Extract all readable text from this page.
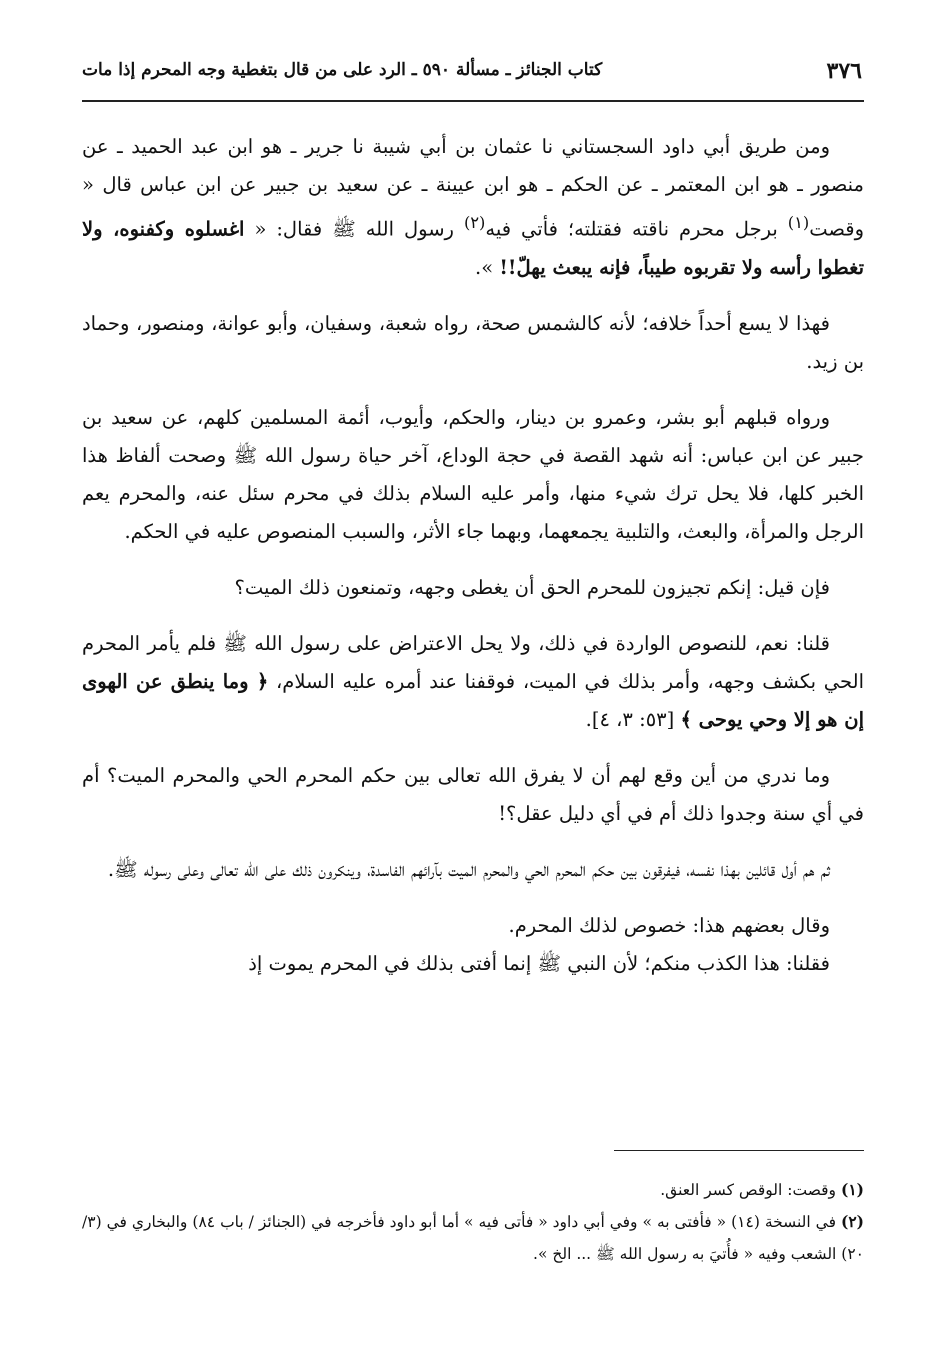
٣٧٦
كتاب الجنائز ـ مسألة ٥٩٠ ـ الرد على من قال بتغطية وجه المحرم إذا مات

ومن طريق أبي داود السجستاني نا عثمان بن أبي شيبة نا جرير ـ هو ابن عبد الحميد ـ عن منصور ـ هو ابن المعتمر ـ عن الحكم ـ هو ابن عيينة ـ عن سعيد بن جبير عن ابن عباس قال « وقصت$^{(١)}$ برجل محرم ناقته فقتلته؛ فأتي فيه$^{(٢)}$ رسول الله ﷺ فقال: « اغسلوه وكفنوه، ولا تغطوا رأسه ولا تقربوه طيباً، فإنه يبعث يهلّ!! ».

فهذا لا يسع أحداً خلافه؛ لأنه كالشمس صحة، رواه شعبة، وسفيان، وأبو عوانة، ومنصور، وحماد بن زيد.

ورواه قبلهم أبو بشر، وعمرو بن دينار، والحكم، وأيوب، أئمة المسلمين كلهم، عن سعيد بن جبير عن ابن عباس: أنه شهد القصة في حجة الوداع، آخر حياة رسول الله ﷺ وصحت ألفاظ هذا الخبر كلها، فلا يحل ترك شيء منها، وأمر عليه السلام بذلك في محرم سئل عنه، والمحرم يعم الرجل والمرأة، والبعث، والتلبية يجمعهما، وبهما جاء الأثر، والسبب المنصوص عليه في الحكم.

فإن قيل: إنكم تجيزون للمحرم الحق أن يغطى وجهه، وتمنعون ذلك الميت؟

قلنا: نعم، للنصوص الواردة في ذلك، ولا يحل الاعتراض على رسول الله ﷺ فلم يأمر المحرم الحي بكشف وجهه، وأمر بذلك في الميت، فوقفنا عند أمره عليه السلام، ﴿ وما ينطق عن الهوى إن هو إلا وحي يوحى ﴾ [٥٣: ٣، ٤].

وما ندري من أين وقع لهم أن لا يفرق الله تعالى بين حكم المحرم الحي والمحرم الميت؟ أم في أي سنة وجدوا ذلك أم في أي دليل عقل؟!

ثم هم أول قائلين بهذا نفسه، فيفرقون بين حكم المحرم الحي والمحرم الميت بآرائهم الفاسدة، وينكرون ذلك على الله تعالى وعلى رسوله ﷺ.

وقال بعضهم هذا: خصوص لذلك المحرم.

فقلنا: هذا الكذب منكم؛ لأن النبي ﷺ إنما أفتى بذلك في المحرم يموت إذ

(١) وقصت: الوقص كسر العنق.

(٢) في النسخة (١٤) « فأفتى به » وفي أبي داود « فأتى فيه » أما أبو داود فأخرجه في (الجنائز / باب ٨٤) والبخاري في (٣/ ٢٠) الشعب وفيه « فأُتيَ به رسول الله ﷺ ... الخ ».
